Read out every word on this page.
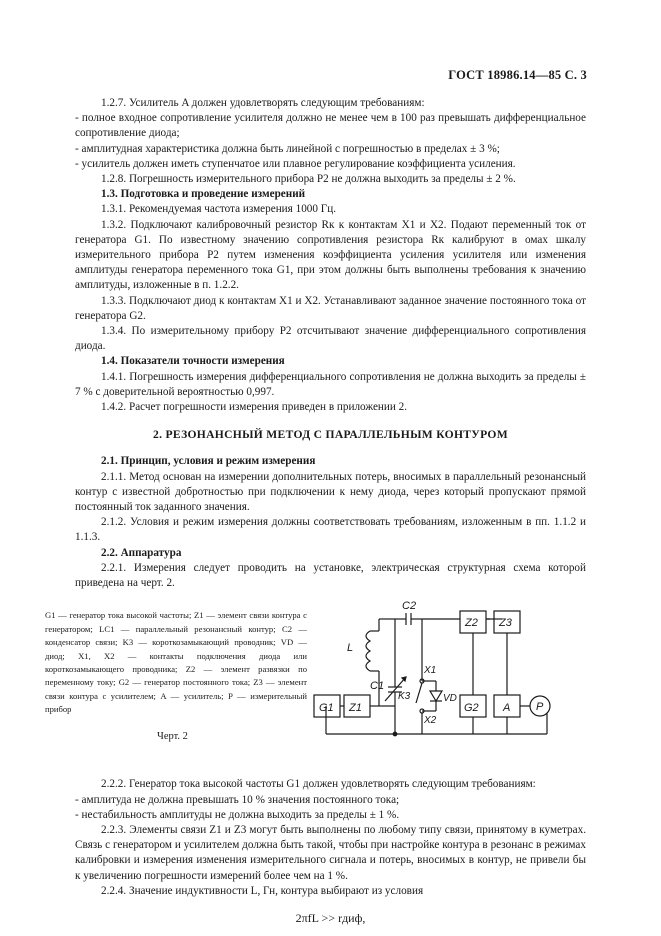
ГОСТ 18986.14—85 С. 3

1.2.7. Усилитель A должен удовлетворять следующим требованиям:

- полное входное сопротивление усилителя должно не менее чем в 100 раз превышать дифференциальное сопротивление диода;

- амплитудная характеристика должна быть линейной с погрешностью в пределах ± 3 %;

- усилитель должен иметь ступенчатое или плавное регулирование коэффициента усиления.

1.2.8. Погрешность измерительного прибора P2 не должна выходить за пределы ± 2 %.

1.3. Подготовка и проведение измерений

1.3.1. Рекомендуемая частота измерения 1000 Гц.

1.3.2. Подключают калибровочный резистор Rк к контактам X1 и X2. Подают переменный ток от генератора G1. По известному значению сопротивления резистора Rк калибруют в омах шкалу измерительного прибора P2 путем изменения коэффициента усиления усилителя или изменения амплитуды генератора переменного тока G1, при этом должны быть выполнены требования к значению амплитуды, изложенные в п. 1.2.2.

1.3.3. Подключают диод к контактам X1 и X2. Устанавливают заданное значение постоянного тока от генератора G2.

1.3.4. По измерительному прибору P2 отсчитывают значение дифференциального сопротивления диода.

1.4. Показатели точности измерения

1.4.1. Погрешность измерения дифференциального сопротивления не должна выходить за пределы ± 7 % с доверительной вероятностью 0,997.

1.4.2. Расчет погрешности измерения приведен в приложении 2.

2. РЕЗОНАНСНЫЙ МЕТОД С ПАРАЛЛЕЛЬНЫМ КОНТУРОМ

2.1. Принцип, условия и режим измерения

2.1.1. Метод основан на измерении дополнительных потерь, вносимых в параллельный резонансный контур с известной добротностью при подключении к нему диода, через который пропускают прямой постоянный ток заданного значения.

2.1.2. Условия и режим измерения должны соответствовать требованиям, изложенным в пп. 1.1.2 и 1.1.3.

2.2. Аппаратура

2.2.1. Измерения следует проводить на установке, электрическая структурная схема которой приведена на черт. 2.

G1 — генератор тока высокой частоты; Z1 — элемент связи контура с генератором; LC1 — параллельный резонансный контур; C2 — конденсатор связи; K3 — короткозамыкающий проводник; VD — диод; X1, X2 — контакты подключения диода или короткозамыкающего проводника; Z2 — элемент развязки по переменному току; G2 — генератор постоянного тока; Z3 — элемент связи контура с усилителем; A — усилитель; P — измерительный прибор
Черт. 2
G1 Z1
L
C1
C2
X1
K3
X2
VD
Z2
G2
Z3
A P

2.2.2. Генератор тока высокой частоты G1 должен удовлетворять следующим требованиям:

- амплитуда не должна превышать 10 % значения постоянного тока;

- нестабильность амплитуды не должна выходить за пределы ± 1 %.

2.2.3. Элементы связи Z1 и Z3 могут быть выполнены по любому типу связи, принятому в куметрах. Связь с генератором и усилителем должна быть такой, чтобы при настройке контура в резонанс в режимах калибровки и измерения изменения измерительного сигнала и потерь, вносимых в контур, не привели бы к увеличению погрешности измерений более чем на 1 %.

2.2.4. Значение индуктивности L, Гн, контура выбирают из условия

2πfL >> rдиф,
